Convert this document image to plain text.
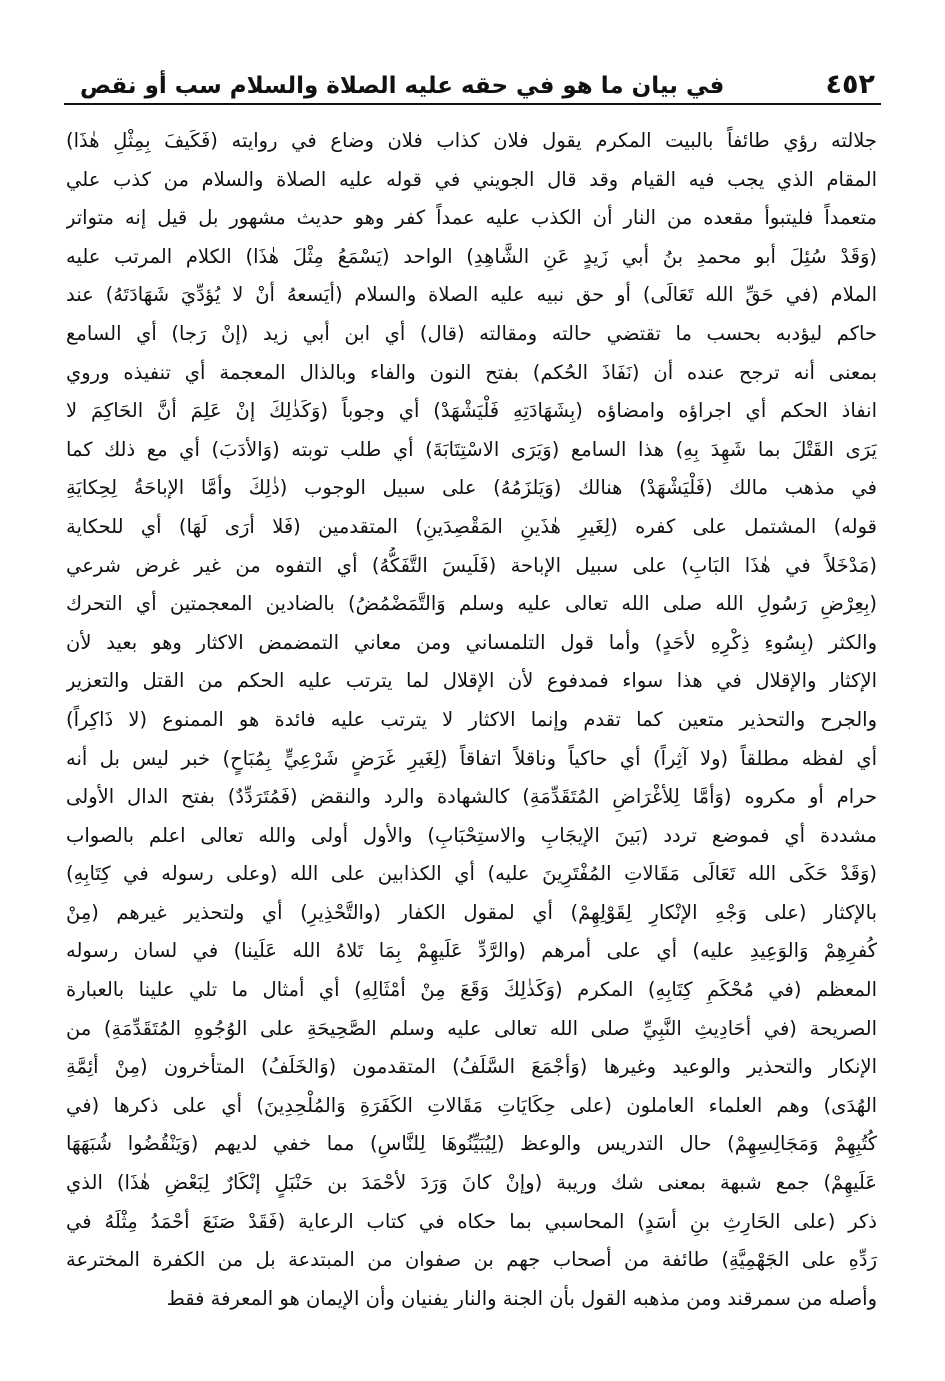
٤٥٢
في بيان ما هو في حقه عليه الصلاة والسلام سب أو نقص
جلالته رؤي طائفاً بالبيت المكرم يقول فلان كذاب فلان وضاع في روايته (فَكَيفَ بِمِثْلِ هٰذَا)
المقام الذي يجب فيه القيام وقد قال الجويني في قوله عليه الصلاة والسلام من كذب علي
متعمداً فليتبوأ مقعده من النار أن الكذب عليه عمداً كفر وهو حديث مشهور بل قيل إنه متواتر
(وَقَدْ سُئِلَ أبو محمدِ بنُ أبي زَيدٍ عَنِ الشَّاهِدِ) الواحد (يَسْمَعُ مِثْلَ هٰذَا) الكلام المرتب عليه
الملام (في حَقِّ الله تَعَالَى) أو حق نبيه عليه الصلاة والسلام (أيَسعهُ أنْ لا يُؤدِّيَ شَهَادَتَهُ) عند
حاكم ليؤدبه بحسب ما تقتضي حالته ومقالته (قال) أي ابن أبي زيد (إنْ رَجا) أي السامع
بمعنى أنه ترجح عنده أن (نَفَاذَ الحُكم) بفتح النون والفاء وبالذال المعجمة أي تنفيذه وروي
انفاذ الحكم أي اجراؤه وامضاؤه (بِشَهَادَتِهِ فَلْيَشْهَدْ) أي وجوباً (وَكَذٰلِكَ إنْ عَلِمَ أنَّ الحَاكِمَ لا
يَرَى القَتْلَ بما شَهِدَ بِهِ) هذا السامع (وَيَرَى الاسْتِتَابَةَ) أي طلب توبته (وَالأدَبَ) أي مع ذلك كما
في مذهب مالك (فَلْيَشْهَدْ) هنالك (وَيَلزَمُهُ) على سبيل الوجوب (ذٰلِكَ وأمَّا الإباحَةُ لِحِكايَةِ
قوله) المشتمل على كفره (لِغَيرِ هٰذَينِ المَقْصِدَينِ) المتقدمين (فَلا أرَى لَهَا) أي للحكاية
(مَدْخَلاً في هٰذَا البَابِ) على سبيل الإباحة (فَلَيسَ التَّفَكُّهُ) أي التفوه من غير غرض شرعي
(بِعِرْضِ رَسُولِ الله صلى الله تعالى عليه وسلم وَالتَّمَضْمُضُ) بالضادين المعجمتين أي التحرك
والكثر (بِسُوءِ ذِكْرِهِ لأحَدٍ) وأما قول التلمساني ومن معاني التمضمض الاكثار وهو بعيد لأن
الإكثار والإقلال في هذا سواء فمدفوع لأن الإقلال لما يترتب عليه الحكم من القتل والتعزير
والجرح والتحذير متعين كما تقدم وإنما الاكثار لا يترتب عليه فائدة هو الممنوع (لا ذَاكِراً)
أي لفظه مطلقاً (ولا آثِراً) أي حاكياً وناقلاً اتفاقاً (لِغَيرِ غَرَضٍ شَرْعِيٍّ بِمُبَاحٍ) خبر ليس بل أنه
حرام أو مكروه (وَأمَّا لِلأغْرَاضِ المُتَقَدِّمَةِ) كالشهادة والرد والنقض (فَمُتَرَدِّدٌ) بفتح الدال الأولى
مشددة أي فموضع تردد (بَينَ الإيجَابِ والاستِحْبَابِ) والأول أولى والله تعالى اعلم بالصواب
(وَقَدْ حَكَى الله تَعَالَى مَقَالاتِ المُفْتَرِينَ عليه) أي الكذابين على الله (وعلى رسوله في كِتَابِهِ)
بالإكثار (على وَجْهِ الإنْكارِ لِقَوْلِهِمْ) أي لمقول الكفار (والتَّحْذِيرِ) أي ولتحذير غيرهم (مِنْ
كُفرِهِمْ وَالوَعِيدِ عليه) أي على أمرهم (والرَّدِّ عَلَيهِمْ بِمَا تَلاهُ الله عَلَينا) في لسان رسوله
المعظم (في مُحْكَمِ كِتَابِهِ) المكرم (وَكَذٰلِكَ وَقَعَ مِنْ أمْثَالِهِ) أي أمثال ما تلي علينا بالعبارة
الصريحة (في أحَادِيثِ النَّبِيِّ صلى الله تعالى عليه وسلم الصَّحِيحَةِ على الوُجُوهِ المُتَقَدِّمَةِ) من
الإنكار والتحذير والوعيد وغيرها (وَأجْمَعَ السَّلَفُ) المتقدمون (وَالخَلَفُ) المتأخرون (مِنْ أئِمَّةِ
الهُدَى) وهم العلماء العاملون (على حِكَايَاتِ مَقَالاتِ الكَفَرَةِ وَالمُلْحِدِينَ) أي على ذكرها (في
كُتُبِهِمْ وَمَجَالِسِهِمْ) حال التدريس والوعظ (لِيُبَيِّنُوهَا لِلنَّاسِ) مما خفي لديهم (وَيَنْقُضُوا شُبَهَهَا
عَلَيهِمْ) جمع شبهة بمعنى شك وريبة (وإنْ كانَ وَرَدَ لأحْمَدَ بن حَنْبَلٍ إنْكَارٌ لِبَعْضِ هٰذَا) الذي
ذكر (على الحَارِثِ بنِ أسَدٍ) المحاسبي بما حكاه في كتاب الرعاية (فَقَدْ صَنَعَ أحْمَدُ مِثْلَهُ في
رَدِّهِ على الجَهْمِيَّةِ) طائفة من أصحاب جهم بن صفوان من المبتدعة بل من الكفرة المخترعة
وأصله من سمرقند ومن مذهبه القول بأن الجنة والنار يفنيان وأن الإيمان هو المعرفة فقط
